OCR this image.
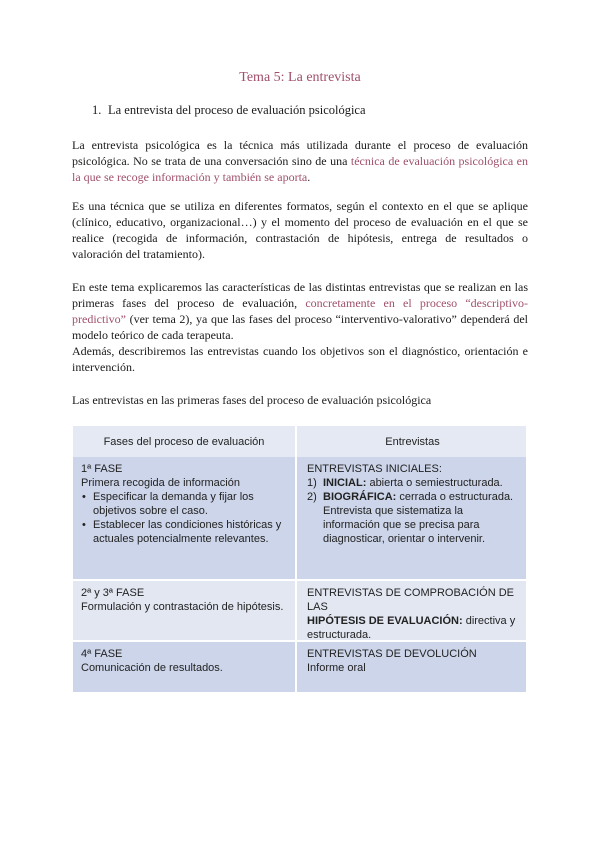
Tema 5: La entrevista
1. La entrevista del proceso de evaluación psicológica

La entrevista psicológica es la técnica más utilizada durante el proceso de evaluación psicológica. No se trata de una conversación sino de una técnica de evaluación psicológica en la que se recoge información y también se aporta.

Es una técnica que se utiliza en diferentes formatos, según el contexto en el que se aplique (clínico, educativo, organizacional…) y el momento del proceso de evaluación en el que se realice (recogida de información, contrastación de hipótesis, entrega de resultados o valoración del tratamiento).

En este tema explicaremos las características de las distintas entrevistas que se realizan en las primeras fases del proceso de evaluación, concretamente en el proceso “descriptivo-predictivo” (ver tema 2), ya que las fases del proceso “interventivo-valorativo” dependerá del modelo teórico de cada terapeuta.

Además, describiremos las entrevistas cuando los objetivos son el diagnóstico, orientación e intervención.

Las entrevistas en las primeras fases del proceso de evaluación psicológica

Fases del proceso de evaluación	Entrevistas
1ª FASE
Primera recogida de información
• Especificar la demanda y fijar los objetivos sobre el caso.
• Establecer las condiciones históricas y actuales potencialmente relevantes.
ENTREVISTAS INICIALES:
1) INICIAL: abierta o semiestructurada.
2) BIOGRÁFICA: cerrada o estructurada. Entrevista que sistematiza la información que se precisa para diagnosticar, orientar o intervenir.
2ª y 3ª FASE
Formulación y contrastación de hipótesis.
ENTREVISTAS DE COMPROBACIÓN DE LAS
HIPÓTESIS DE EVALUACIÓN: directiva y estructurada.
4ª FASE
Comunicación de resultados.
ENTREVISTAS DE DEVOLUCIÓN
Informe oral
